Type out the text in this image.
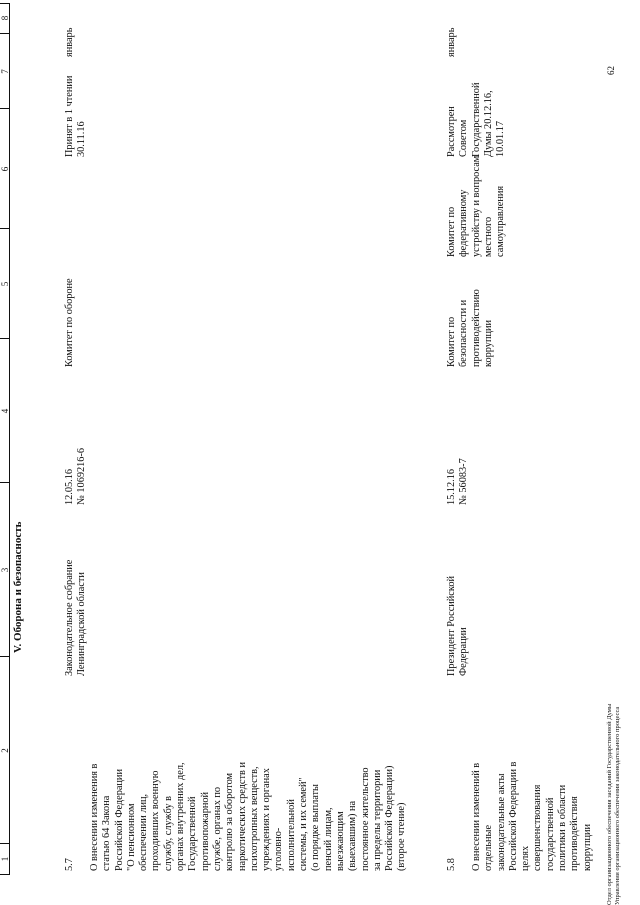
1
2
3
4
5
6
7
8
V. Оборона и безопасность
5.7 О внесении изменения в
статью 64 Закона
Российской Федерации
"О пенсионном
обеспечении лиц,
проходивших военную
службу, службу в
органах внутренних дел,
Государственной
противопожарной
службе, органах по
контролю за оборотом
наркотических средств и
психотропных веществ,
учреждениях и органах
уголовно-
исполнительной
системы, и их семей"
(о порядке выплаты
пенсий лицам,
выезжающим
(выехавшим) на
постоянное жительство
за пределы территории
Российской Федерации)
(второе чтение)
Законодательное собрание
Ленинградской области
12.05.16
№ 1069216-6
Комитет по обороне
Принят в 1 чтении
30.11.16
январь
5.8 О внесении изменений в
отдельные
законодательные акты
Российской Федерации в
целях
совершенствования
государственной
политики в области
противодействия
коррупции
Президент Российской
Федерации
15.12.16
№ 56083-7
Комитет по
безопасности и
противодействию
коррупции
Комитет по
федеративному
устройству и вопросам
местного
самоуправления
Рассмотрен
Советом
Государственной
Думы 20.12.16,
10.01.17
январь
Отдел организационного обеспечения заседаний Государственной Думы
Управления организационного обеспечения законодательного процесса
62
